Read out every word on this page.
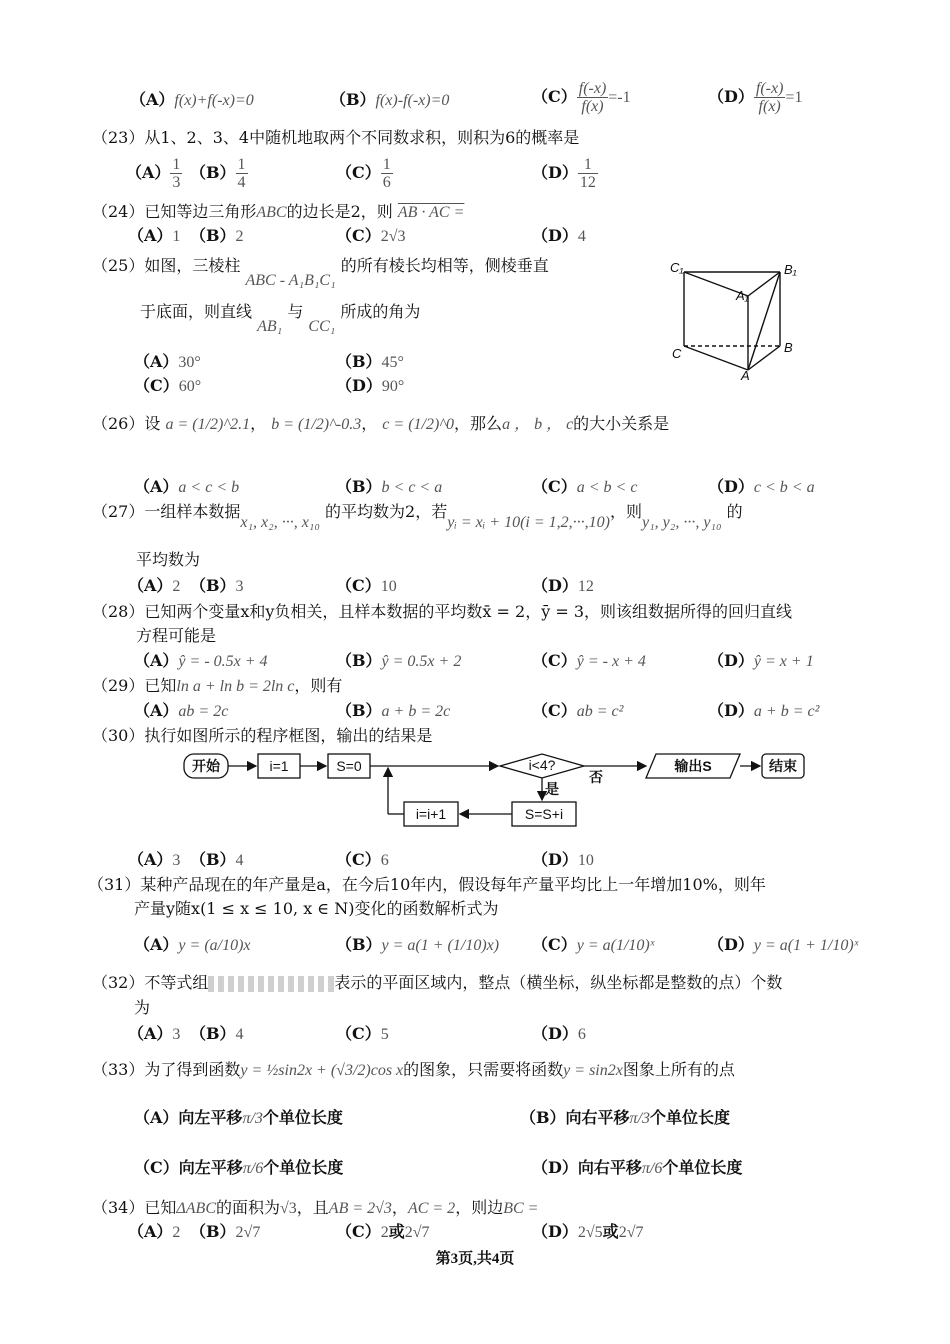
（A）f(x)+f(-x)=0	（B）f(x)-f(-x)=0	$(C) \frac{f(-x)}{f(x)} =-1$	$(D) \frac{f(-x)}{f(x)} =1$
（23）从1、2、3、4中随机地取两个不同数求积，则积为6的概率是
$(A) \frac{1}{3} (B) \frac{1}{4}$	$(C) \frac{1}{6}$	$(D) \frac{1}{12}$
（24）已知等边三角形ABC的边长是2，则 AB · AC =
（A）1 （B）2	（C）2√3	（D）4
（25）如图，三棱柱 ABC - A₁B₁C₁ 的所有棱长均相等，侧棱垂直
于底面，则直线 AB₁ 与 CC₁ 所成的角为
（A）30°	（B）45°
（C）60°	（D）90°
C₁	B₁
A₁
C	B
A
（26）设 a = (1/2)^2.1， b = (1/2)^-0.3， c = (1/2)^0，那么a ， b ， c的大小关系是
（A）a < c < b	（B）b < c < a	（C）a < b < c	（D）c < b < a
（27）一组样本数据x₁, x₂, ···, x₁₀ 的平均数为2，若yᵢ = xᵢ + 10(i = 1,2,···,10)，则y₁, y₂, ···, y₁₀ 的
平均数为
（A）2 （B）3	（C）10	（D）12
（28）已知两个变量x和y负相关，且样本数据的平均数x̄ = 2，ȳ = 3，则该组数据所得的回归直线
方程可能是
（A）ŷ = - 0.5x + 4	（B）ŷ = 0.5x + 2	（C）ŷ = - x + 4	（D）ŷ = x + 1
（29）已知ln a + ln b = 2ln c，则有
（A）ab = 2c	（B）a + b = 2c	（C）ab = c²	（D）a + b = c²
（30）执行如图所示的程序框图，输出的结果是
开始	i=1	S=0	i<4?
否
是
输出S	结束
S=S+i
i=i+1
（A）3 （B）4	（C）6	（D）10
（31）某种产品现在的年产量是a，在今后10年内，假设每年产量平均比上一年增加10%，则年
产量y随x(1 ≤ x ≤ 10, x ∈ N)变化的函数解析式为
（A）y = (a/10)x	（B）y = a(1 + (1/10)x) （C）y = a(1/10)ˣ	（D）y = a(1 + 1/10)ˣ
（32）不等式组	表示的平面区域内，整点（横坐标，纵坐标都是整数的点）个数
为
（A）3 （B）4	（C）5	（D）6
（33）为了得到函数y = ½sin2x + (√3/2)cos x的图象，只需要将函数y = sin2x图象上所有的点
（A）向左平移π/3个单位长度	（B）向右平移π/3个单位长度
（C）向左平移π/6个单位长度	（D）向右平移π/6个单位长度
（34）已知ΔABC的面积为√3，且AB = 2√3，AC = 2，则边BC =
（A）2 （B）2√7	（C）2或2√7	（D）2√5或2√7
第3页,共4页
